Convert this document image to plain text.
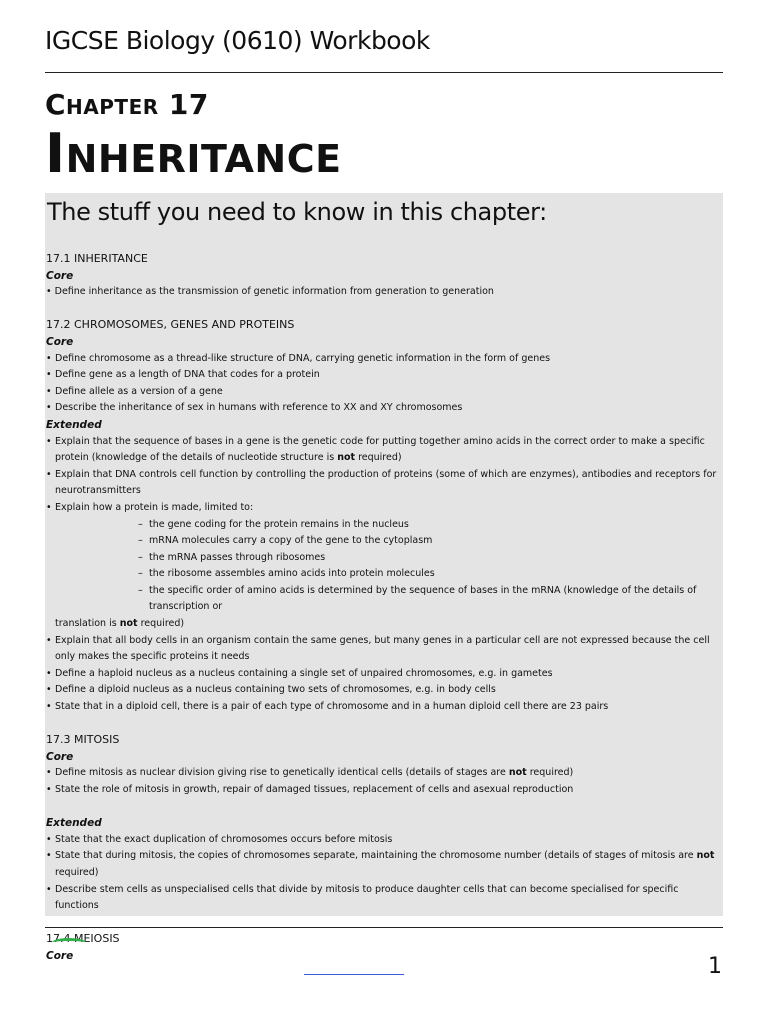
IGCSE Biology (0610) Workbook
Chapter 17
Inheritance
The stuff you need to know in this chapter:
17.1 INHERITANCE
Core
• Define inheritance as the transmission of genetic information from generation to generation
17.2 CHROMOSOMES, GENES AND PROTEINS
Core
• Define chromosome as a thread-like structure of DNA, carrying genetic information in the form of genes
• Define gene as a length of DNA that codes for a protein
• Define allele as a version of a gene
• Describe the inheritance of sex in humans with reference to XX and XY chromosomes
Extended
• Explain that the sequence of bases in a gene is the genetic code for putting together amino acids in the correct order to make a specific protein (knowledge of the details of nucleotide structure is not required)
• Explain that DNA controls cell function by controlling the production of proteins (some of which are enzymes), antibodies and receptors for neurotransmitters
• Explain how a protein is made, limited to:
– the gene coding for the protein remains in the nucleus
– mRNA molecules carry a copy of the gene to the cytoplasm
– the mRNA passes through ribosomes
– the ribosome assembles amino acids into protein molecules
– the specific order of amino acids is determined by the sequence of bases in the mRNA (knowledge of the details of transcription or
translation is not required)
• Explain that all body cells in an organism contain the same genes, but many genes in a particular cell are not expressed because the cell only makes the specific proteins it needs
• Define a haploid nucleus as a nucleus containing a single set of unpaired chromosomes, e.g. in gametes
• Define a diploid nucleus as a nucleus containing two sets of chromosomes, e.g. in body cells
• State that in a diploid cell, there is a pair of each type of chromosome and in a human diploid cell there are 23 pairs
17.3 MITOSIS
Core
• Define mitosis as nuclear division giving rise to genetically identical cells (details of stages are not required)
• State the role of mitosis in growth, repair of damaged tissues, replacement of cells and asexual reproduction
Extended
• State that the exact duplication of chromosomes occurs before mitosis
• State that during mitosis, the copies of chromosomes separate, maintaining the chromosome number (details of stages of mitosis are not required)
• Describe stem cells as unspecialised cells that divide by mitosis to produce daughter cells that can become specialised for specific functions
17.4 MEIOSIS
Core	1
